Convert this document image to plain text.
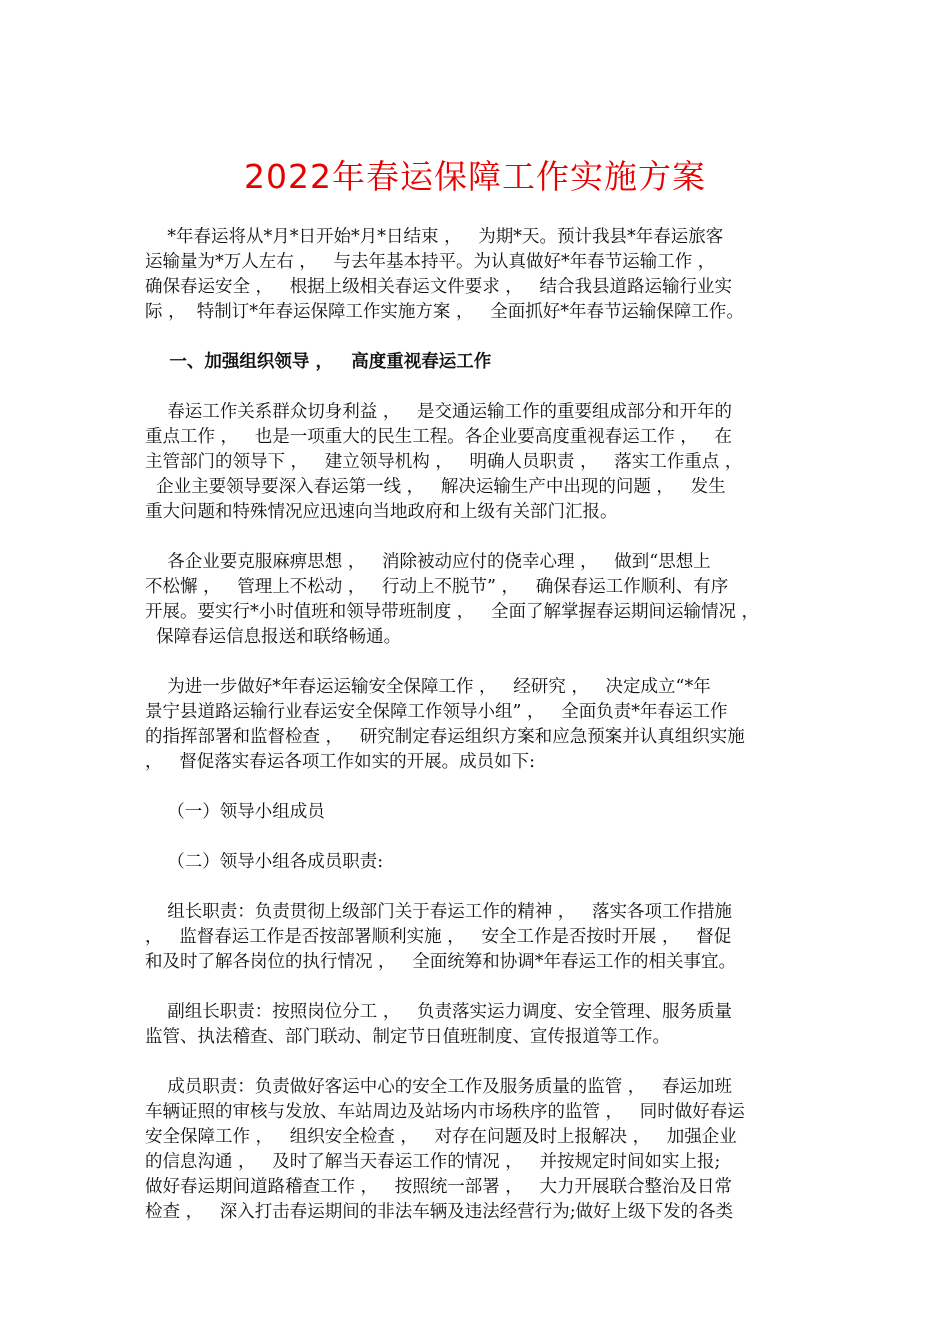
2022年春运保障工作实施方案
*年春运将从*月*日开始*月*日结束 ，   为期*天。预计我县*年春运旅客
运输量为*万人左右 ，   与去年基本持平。为认真做好*年春节运输工作 ，
确保春运安全 ，   根据上级相关春运文件要求 ，   结合我县道路运输行业实
际 ，  特制订*年春运保障工作实施方案 ，   全面抓好*年春节运输保障工作。
一、加强组织领导 ，   高度重视春运工作
春运工作关系群众切身利益 ，   是交通运输工作的重要组成部分和开年的
重点工作 ，   也是一项重大的民生工程。各企业要高度重视春运工作 ，   在
主管部门的领导下 ，   建立领导机构 ，   明确人员职责 ，   落实工作重点 ，
企业主要领导要深入春运第一线 ，   解决运输生产中出现的问题 ，   发生
重大问题和特殊情况应迅速向当地政府和上级有关部门汇报。
各企业要克服麻痹思想 ，   消除被动应付的侥幸心理 ，   做到“思想上
不松懈 ，   管理上不松动 ，   行动上不脱节” ，   确保春运工作顺利、有序
开展。要实行*小时值班和领导带班制度 ，   全面了解掌握春运期间运输情况 ，
保障春运信息报送和联络畅通。
为进一步做好*年春运运输安全保障工作 ，   经研究 ，   决定成立“*年
景宁县道路运输行业春运安全保障工作领导小组” ，   全面负责*年春运工作
的指挥部署和监督检查 ，   研究制定春运组织方案和应急预案并认真组织实施
，   督促落实春运各项工作如实的开展。成员如下:
（一）领导小组成员
（二）领导小组各成员职责:
组长职责：负责贯彻上级部门关于春运工作的精神 ，   落实各项工作措施
，   监督春运工作是否按部署顺利实施 ，   安全工作是否按时开展 ，   督促
和及时了解各岗位的执行情况 ，   全面统筹和协调*年春运工作的相关事宜。
副组长职责：按照岗位分工 ，   负责落实运力调度、安全管理、服务质量
监管、执法稽查、部门联动、制定节日值班制度、宣传报道等工作。
成员职责：负责做好客运中心的安全工作及服务质量的监管 ，   春运加班
车辆证照的审核与发放、车站周边及站场内市场秩序的监管 ，   同时做好春运
安全保障工作 ，   组织安全检查 ，   对存在问题及时上报解决 ，   加强企业
的信息沟通 ，   及时了解当天春运工作的情况 ，   并按规定时间如实上报;
做好春运期间道路稽查工作 ，   按照统一部署 ，   大力开展联合整治及日常
检查 ，   深入打击春运期间的非法车辆及违法经营行为;做好上级下发的各类
